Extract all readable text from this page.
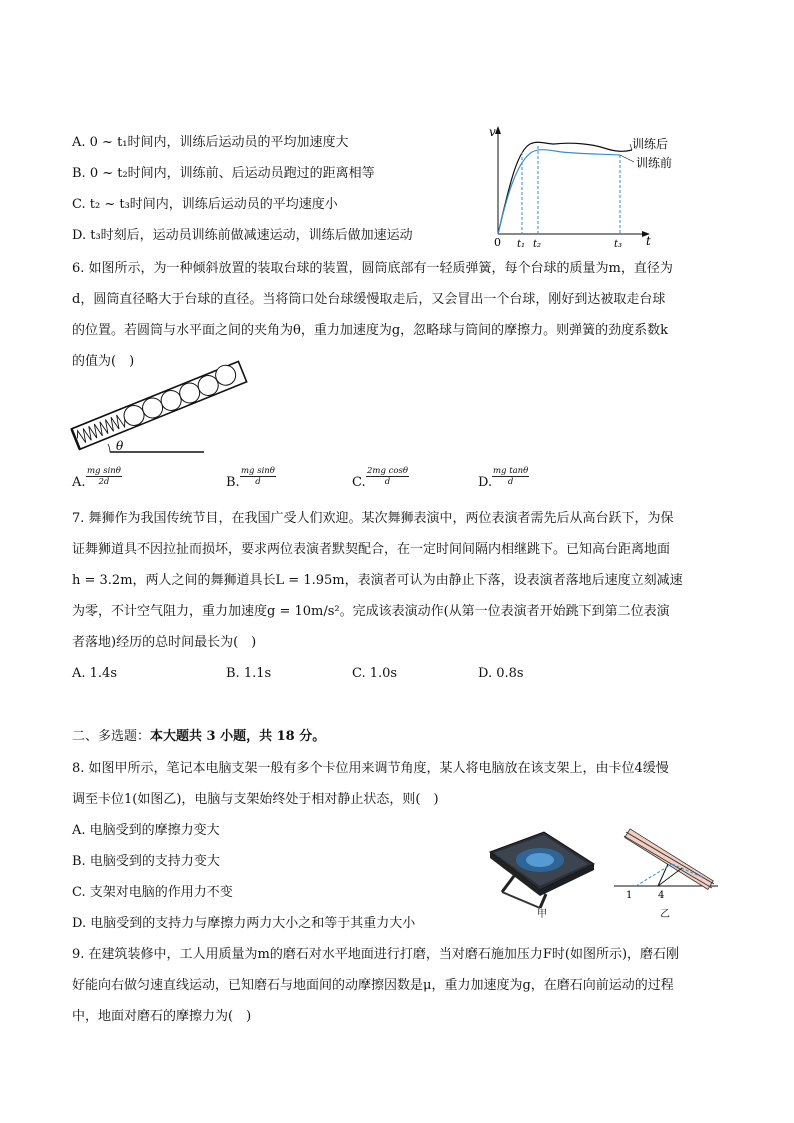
A. 0 ~ t₁时间内，训练后运动员的平均加速度大
B. 0 ~ t₂时间内，训练前、后运动员跑过的距离相等
C. t₂ ~ t₃时间内，训练后运动员的平均速度小
D. t₃时刻后，运动员训练前做减速运动，训练后做加速运动
v
t
0 t₁ t₂	t₃
训练后
训练前
6. 如图所示，为一种倾斜放置的装取台球的装置，圆筒底部有一轻质弹簧，每个台球的质量为m，直径为
d，圆筒直径略大于台球的直径。当将筒口处台球缓慢取走后，又会冒出一个台球，刚好到达被取走台球
的位置。若圆筒与水平面之间的夹角为θ，重力加速度为g，忽略球与筒间的摩擦力。则弹簧的劲度系数k
的值为(　)
θ
A. $\frac{\text{mg sinθ}}{2d}$	B. $\frac{\text{mg sinθ}}{d}$	C. $\frac{\text{2mg cosθ}}{d}$	D. $\frac{\text{mg tanθ}}{d}$
7. 舞狮作为我国传统节目，在我国广受人们欢迎。某次舞狮表演中，两位表演者需先后从高台跃下，为保
证舞狮道具不因拉扯而损坏，要求两位表演者默契配合，在一定时间间隔内相继跳下。已知高台距离地面
h = 3.2m，两人之间的舞狮道具长L = 1.95m，表演者可认为由静止下落，设表演者落地后速度立刻减速
为零，不计空气阻力，重力加速度g = 10m/s²。完成该表演动作(从第一位表演者开始跳下到第二位表演
者落地)经历的总时间最长为(　)
A. 1.4s	B. 1.1s	C. 1.0s	D. 0.8s
二、多选题：本大题共 3 小题，共 18 分。
8. 如图甲所示，笔记本电脑支架一般有多个卡位用来调节角度，某人将电脑放在该支架上，由卡位4缓慢
调至卡位1(如图乙)，电脑与支架始终处于相对静止状态，则(　)
A. 电脑受到的摩擦力变大
B. 电脑受到的支持力变大
C. 支架对电脑的作用力不变
D. 电脑受到的支持力与摩擦力两力大小之和等于其重力大小
甲
1	4
乙
9. 在建筑装修中，工人用质量为m的磨石对水平地面进行打磨，当对磨石施加压力F时(如图所示)，磨石刚
好能向右做匀速直线运动，已知磨石与地面间的动摩擦因数是μ，重力加速度为g，在磨石向前运动的过程
中，地面对磨石的摩擦力为(　)
